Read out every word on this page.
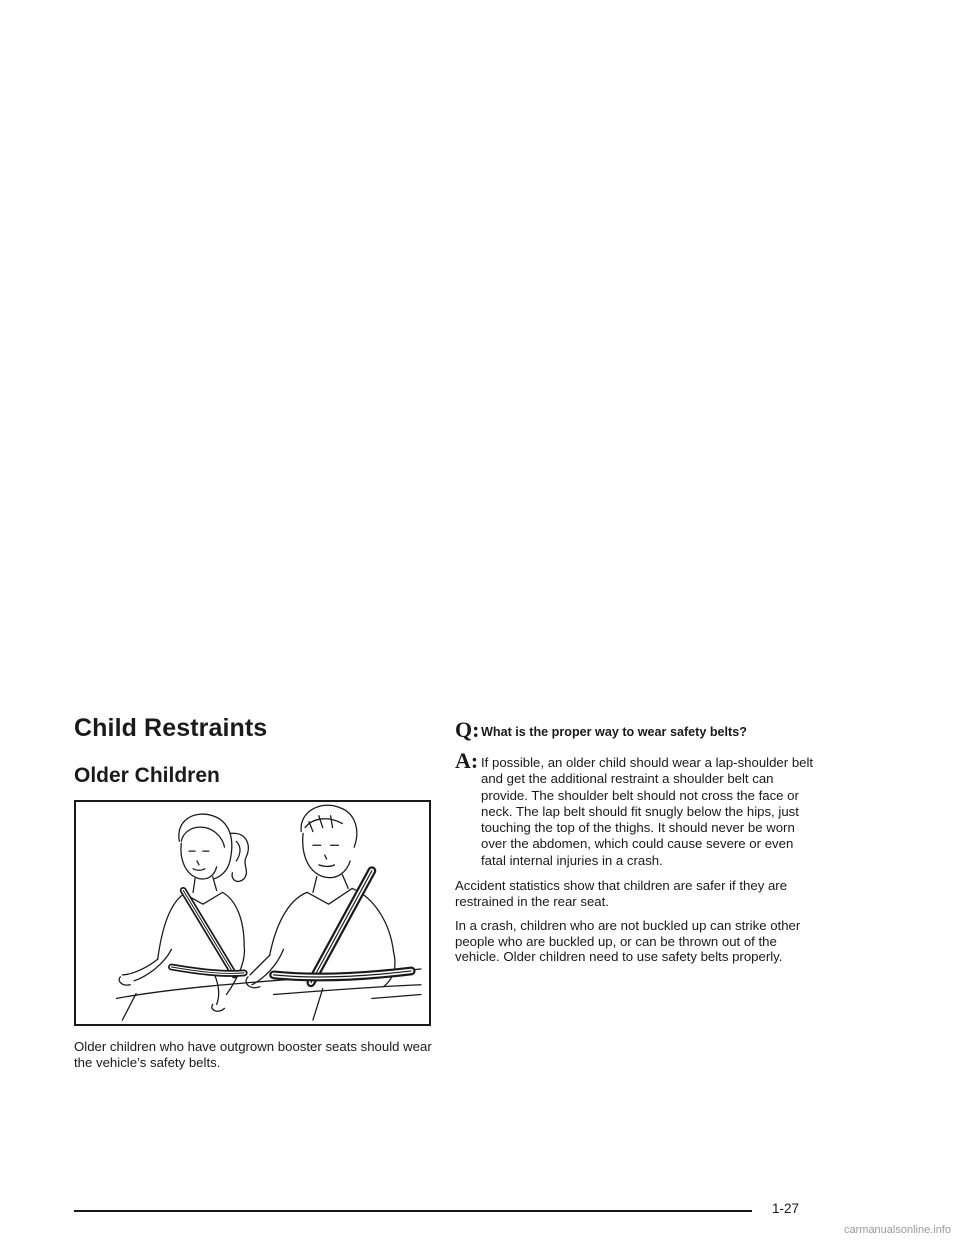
Child Restraints
Older Children

Older children who have outgrown booster seats should wear the vehicle’s safety belts.

Q: What is the proper way to wear safety belts?

A: If possible, an older child should wear a lap-shoulder belt and get the additional restraint a shoulder belt can provide. The shoulder belt should not cross the face or neck. The lap belt should fit snugly below the hips, just touching the top of the thighs. It should never be worn over the abdomen, which could cause severe or even fatal internal injuries in a crash.

Accident statistics show that children are safer if they are restrained in the rear seat.

In a crash, children who are not buckled up can strike other people who are buckled up, or can be thrown out of the vehicle. Older children need to use safety belts properly.

1-27
carmanualsonline.info
